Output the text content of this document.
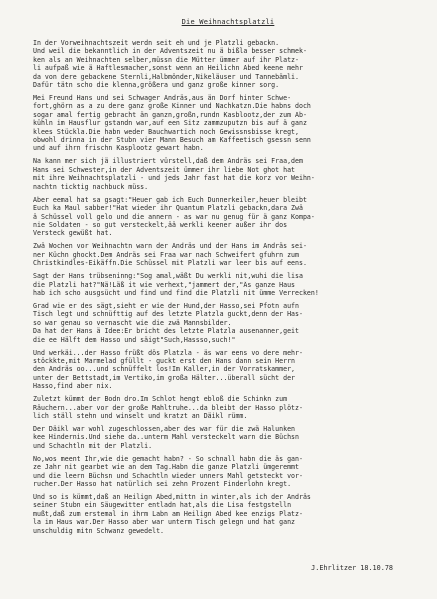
Die Weihnachtsplatzli
In der Vorweihnachtszeit werdn seit eh und je Platzli gebackn.
Und weil die bekanntlich in der Adventszeit nu ä bißla besser schmek-
ken als an Weihnachten selber,müssn die Mütter ümmer auf ihr Platz-
li aufpaß wie ä Haftlesmacher,sonst wenn an Heilichn Abed keene mehr
da von dere gebackene Sternli,Halbmönder,Nikeläuser und Tannebämli.
Dafür tätn scho die klenna,größera und ganz große kinner sorg.
Mei Freund Hans und sei Schwager Andräs,aus än Dorf hinter Schwe-
fort,ghörn as a zu dere ganz große Kinner und Nachkatzn.Die habns doch
sogar amal fertig gebracht än ganzn,großn,rundn Kasblootz,der zum Ab-
kühln im Hausflur gstandn war,auf een Sitz zammzuputzn bis auf ä ganz
klees Stückla.Die habn weder Bauchwartich noch Gewissnsbisse kregt,
obwohl drinna in der Stubn vier Mann Besuch am Kaffeetisch gsessn senn
und auf ihrn frischn Kasplootz gewart habn.
Na kann mer sich jä illustriert vürstell,daß dem Andräs sei Fraa,dem
Hans sei Schwester,in der Adventszeit ümmer ihr liebe Not ghot hat
mit ihre Weihnachtsplatzli - und jeds Jahr fast hat die korz vor Weihn-
nachtn ticktig nachbuck müss.
Aber eemal hat sa gsagt:"Heuer gab ich Euch Dunnerkeiler,heuer bleibt
Euch ka Maul sabber!"Hat wieder ihr Quantum Platzli gebackn,dara Zwä
ä Schüssel voll gelo und die annern - as war nu genug für ä ganz Kompa-
nie Soldaten - so gut versteckelt,ää werkli keener außer ihr dos
Versteck gewüßt hat.
Zwä Wochen vor Weihnachtn warn der Andräs und der Hans im Andräs sei-
ner Küchn ghockt.Dem Andräs sei Fraa war nach Schweifert gfuhrn zum
Christkindles-Eikäffn.Die Schüssel mit Platzli war leer bis auf eens.
Sagt der Hans trübseninng:"Sog amal,wäßt Du werkli nit,wuhi die lisa
die Platzli hat?"Nä!Läß it wie verhext,"jammert der,"Äs ganze Haus
hab ich scho ausgsücht und find und find die Platzli nit ümme Verrecken!
Grad wie er des sägt,sieht er wie der Hund,der Hasso,sei Pfotn aufn
Tisch legt und schnüfttig auf des letzte Platzla guckt,denn der Has-
so war genau so vernascht wie die zwä Mannsbilder.
Da hat der Hans ä Idee:Er bricht des letzte Platzla ausenanner,geit
die ee Hälft dem Hasso und säigt"Such,Hassso,such!"
Und werkäi...der Hasso früßt dös Platzla - äs war eens vo dere mehr-
stöckkte,mit Marmelad gfüllt - guckt erst den Hans dann sein Herrn
den Andräs oo...und schnüffelt los!Im Kaller,in der Vorratskammer,
unter der Bettstadt,im Vertiko,im großa Hälter...überall sücht der
Hasso,find aber nix.
Zuletzt kümmt der Bodn dro.Im Schlot hengt ebloß die Schinkn zum
Räuchern...aber vor der große Mahltruhe...da bleibt der Hasso plötz-
lich ställ stehn und winselt und kratzt an Däikl rümm.
Der Däikl war wohl zugeschlossen,aber des war für die zwä Halunken
kee Hindernis.Und siehe da..unterm Mahl versteckelt warn die Büchsn
und Schachtln mit der Platzli.
No,wos meent Ihr,wie die gemacht habn? - So schnall habn die äs gan-
ze Jahr nit gearbet wie an dem Tag.Habn die ganze Platzli ümgeremmt
und die leern Büchsn und Schachtln wieder unners Mahl getsteckt vor-
rucher.Der Hasso hat natürlich sei zehn Prozent Finderlohn kregt.
Und so is kümmt,daß an Heilign Abed,mittn in winter,als ich der Andräs
seiner Stubn ein Säugewitter entladn hat,als die Lisa festgstelln
mußt,daß zum erstemal in ihrm Labn am Heilign Abed kee enzigs Platz-
la im Haus war.Der Hasso aber war unterm Tisch gelegn und hat ganz
unschuldig mitn Schwanz gewedelt.
J.Ehrlitzer 18.10.78
